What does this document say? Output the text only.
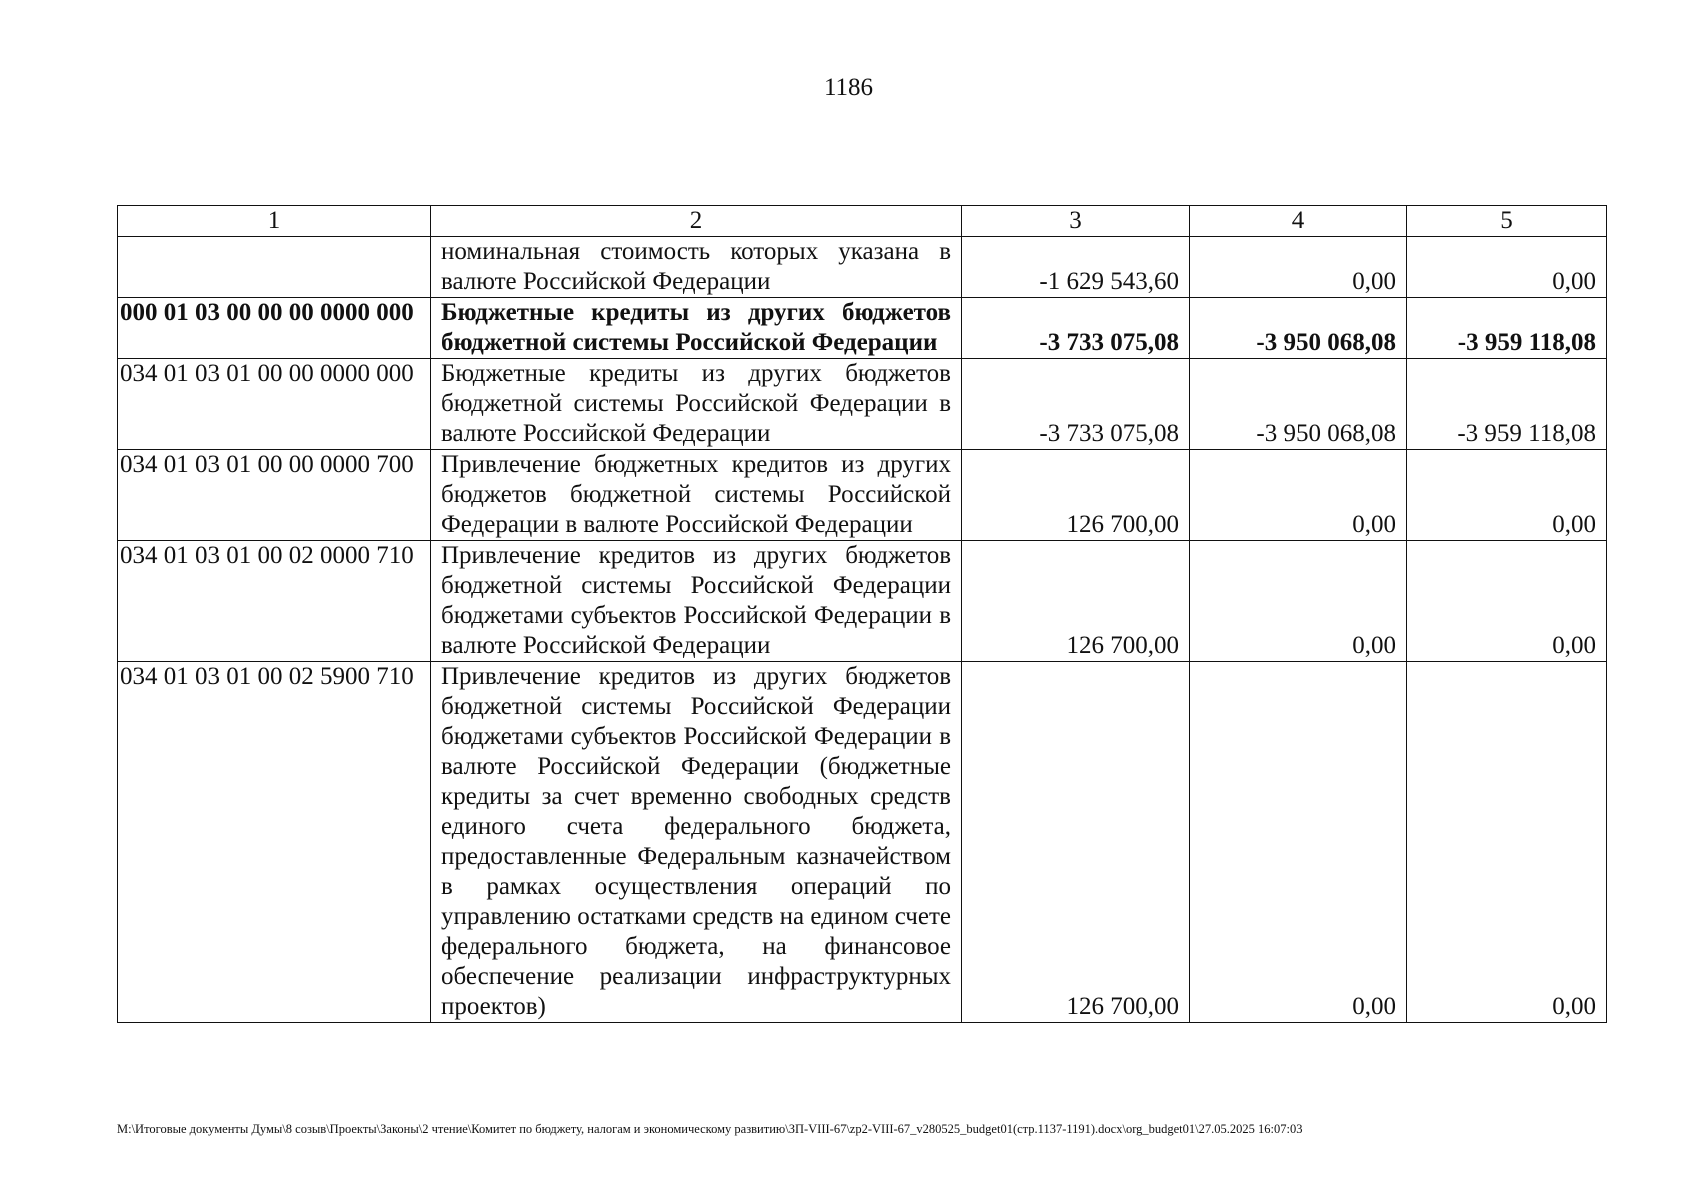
1186
1	2	3	4	5
	номинальная стоимость которых указана в валюте Российской Федерации	-1 629 543,60	0,00	0,00
000 01 03 00 00 00 0000 000	Бюджетные кредиты из других бюджетов бюджетной системы Российской Федерации	-3 733 075,08	-3 950 068,08	-3 959 118,08
034 01 03 01 00 00 0000 000	Бюджетные кредиты из других бюджетов бюджетной системы Российской Федерации в валюте Российской Федерации	-3 733 075,08	-3 950 068,08	-3 959 118,08
034 01 03 01 00 00 0000 700	Привлечение бюджетных кредитов из других бюджетов бюджетной системы Российской Федерации в валюте Российской Федерации	126 700,00	0,00	0,00
034 01 03 01 00 02 0000 710	Привлечение кредитов из других бюджетов бюджетной системы Российской Федерации бюджетами субъектов Российской Федерации в валюте Российской Федерации	126 700,00	0,00	0,00
034 01 03 01 00 02 5900 710	Привлечение кредитов из других бюджетов бюджетной системы Российской Федерации бюджетами субъектов Российской Федерации в валюте Российской Федерации (бюджетные кредиты за счет временно свободных средств единого счета федерального бюджета, предоставленные Федеральным казначейством в рамках осуществления операций по управлению остатками средств на едином счете федерального бюджета, на финансовое обеспечение реализации инфраструктурных проектов)	126 700,00	0,00	0,00
M:\Итоговые документы Думы\8 созыв\Проекты\Законы\2 чтение\Комитет по бюджету, налогам и экономическому развитию\ЗП-VIII-67\zp2-VIII-67_v280525_budget01(стр.1137-1191).docx\org_budget01\27.05.2025 16:07:03
